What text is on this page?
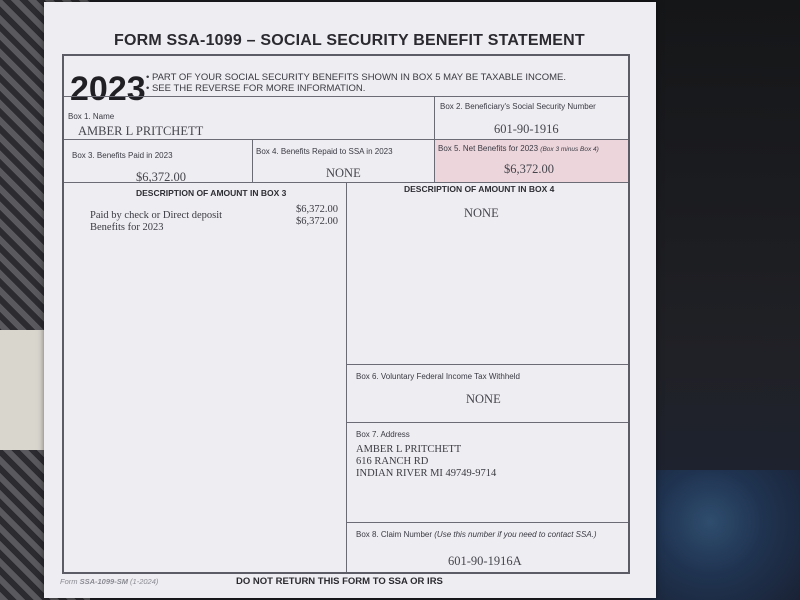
FORM SSA-1099 – SOCIAL SECURITY BENEFIT STATEMENT
2023 • PART OF YOUR SOCIAL SECURITY BENEFITS SHOWN IN BOX 5 MAY BE TAXABLE INCOME.
• SEE THE REVERSE FOR MORE INFORMATION.
Box 1. Name
AMBER L PRITCHETT
Box 2. Beneficiary's Social Security Number
601-90-1916
Box 3. Benefits Paid in 2023
$6,372.00
Box 4. Benefits Repaid to SSA in 2023
NONE
Box 5. Net Benefits for 2023 (Box 3 minus Box 4)
$6,372.00
DESCRIPTION OF AMOUNT IN BOX 3
Paid by check or Direct deposit
$6,372.00
Benefits for 2023
$6,372.00
DESCRIPTION OF AMOUNT IN BOX 4
NONE
Box 6. Voluntary Federal Income Tax Withheld
NONE
Box 7. Address
AMBER L PRITCHETT
616 RANCH RD
INDIAN RIVER MI 49749-9714
Box 8. Claim Number (Use this number if you need to contact SSA.)
601-90-1916A
Form SSA-1099-SM (1-2024)	DO NOT RETURN THIS FORM TO SSA OR IRS
